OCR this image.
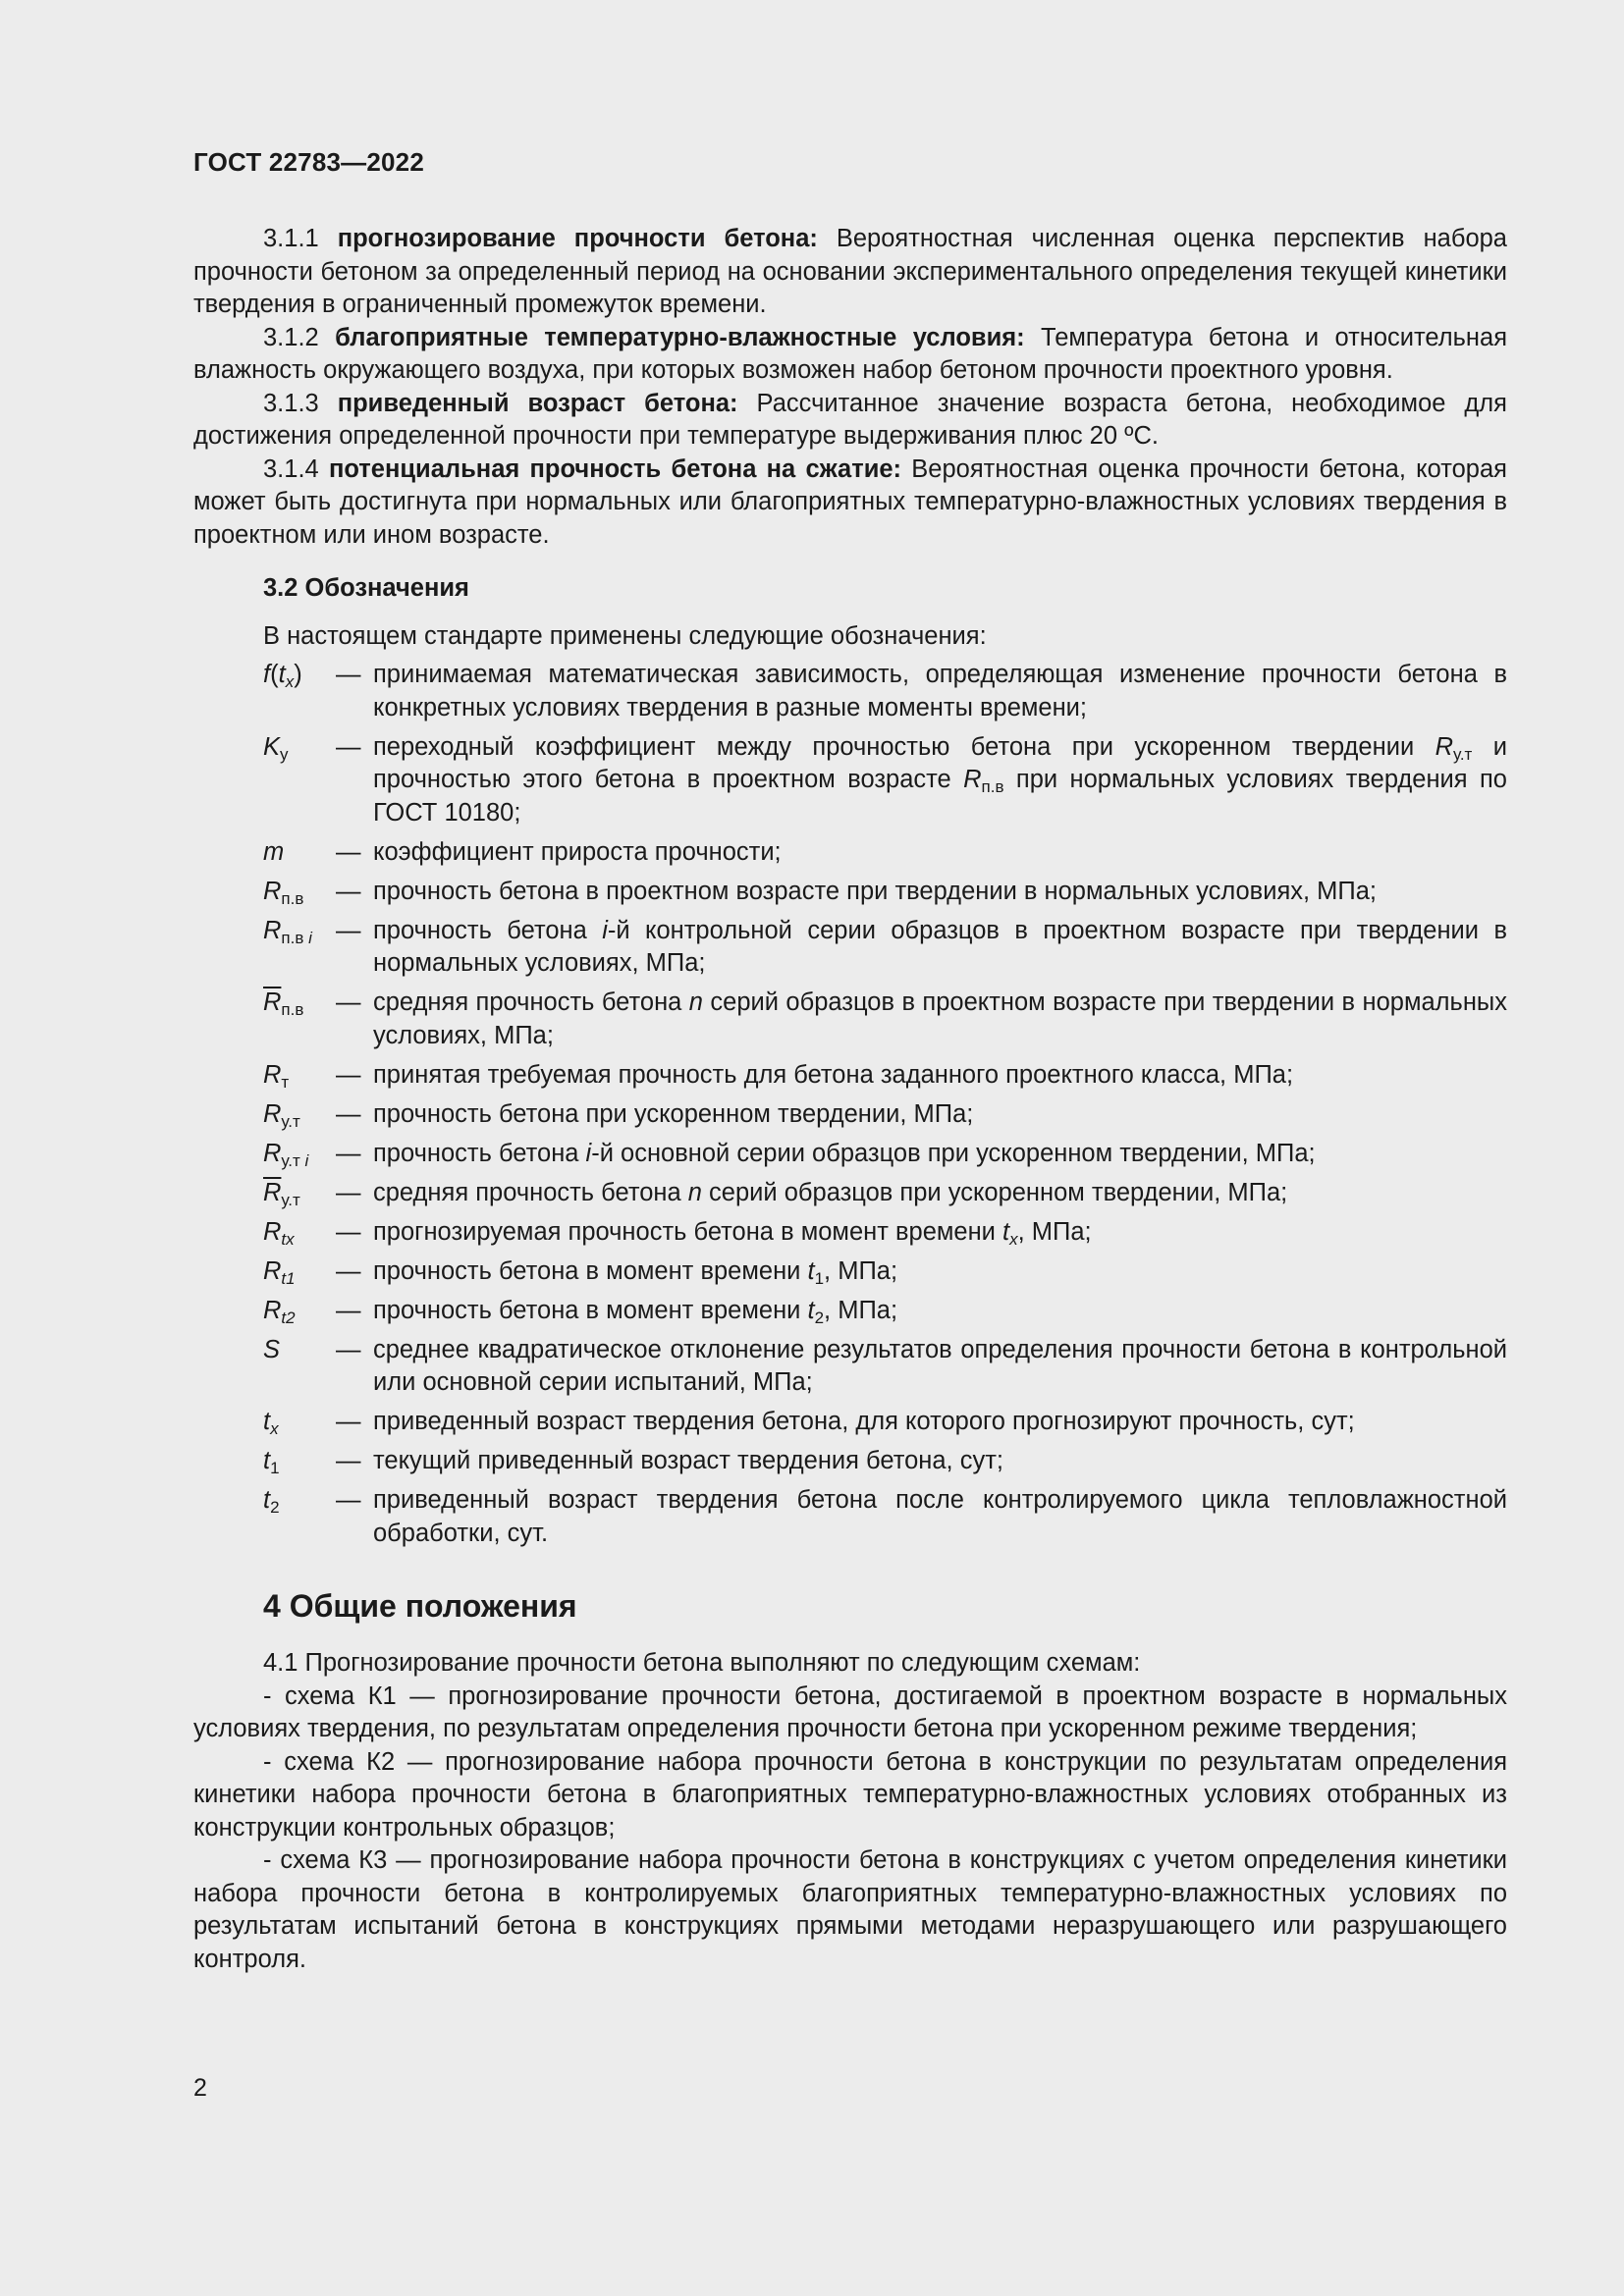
ГОСТ 22783—2022

3.1.1 прогнозирование прочности бетона: Вероятностная численная оценка перспектив набора прочности бетоном за определенный период на основании экспериментального определения текущей кинетики твердения в ограниченный промежуток времени.

3.1.2 благоприятные температурно-влажностные условия: Температура бетона и относительная влажность окружающего воздуха, при которых возможен набор бетоном прочности проектного уровня.

3.1.3 приведенный возраст бетона: Рассчитанное значение возраста бетона, необходимое для достижения определенной прочности при температуре выдерживания плюс 20 ºС.

3.1.4 потенциальная прочность бетона на сжатие: Вероятностная оценка прочности бетона, которая может быть достигнута при нормальных или благоприятных температурно-влажностных условиях твердения в проектном или ином возрасте.

3.2 Обозначения
В настоящем стандарте применены следующие обозначения:
$f(t_x)$	— принимаемая математическая зависимость, определяющая изменение прочности бетона в конкретных условиях твердения в разные моменты времени;
$K_у$	— переходный коэффициент между прочностью бетона при ускоренном твердении $R_{у.т}$ и прочностью этого бетона в проектном возрасте $R_{п.в}$ при нормальных условиях твердения по ГОСТ 10180;
m	— коэффициент прироста прочности;
$R_{п.в}$	— прочность бетона в проектном возрасте при твердении в нормальных условиях, МПа;
$R_{п.в i}$ — прочность бетона i-й контрольной серии образцов в проектном возрасте при твердении в нормальных условиях, МПа;
$\overline{R}_{п.в}$	— средняя прочность бетона n серий образцов в проектном возрасте при твердении в нормальных условиях, МПа;
$R_т$	— принятая требуемая прочность для бетона заданного проектного класса, МПа;
$R_{у.т}$	— прочность бетона при ускоренном твердении, МПа;
$R_{у.т i}$	— прочность бетона i-й основной серии образцов при ускоренном твердении, МПа;
$\overline{R}_{у.т}$	— средняя прочность бетона n серий образцов при ускоренном твердении, МПа;
$R_{tx}$	— прогнозируемая прочность бетона в момент времени $t_x$, МПа;
$R_{t1}$	— прочность бетона в момент времени $t_1$, МПа;
$R_{t2}$	— прочность бетона в момент времени $t_2$, МПа;
S	— среднее квадратическое отклонение результатов определения прочности бетона в контрольной или основной серии испытаний, МПа;
$t_x$	— приведенный возраст твердения бетона, для которого прогнозируют прочность, сут;
$t_1$	— текущий приведенный возраст твердения бетона, сут;
$t_2$	— приведенный возраст твердения бетона после контролируемого цикла тепловлажностной обработки, сут.
4 Общие положения

4.1 Прогнозирование прочности бетона выполняют по следующим схемам:

- схема К1 — прогнозирование прочности бетона, достигаемой в проектном возрасте в нормальных условиях твердения, по результатам определения прочности бетона при ускоренном режиме твердения;

- схема К2 — прогнозирование набора прочности бетона в конструкции по результатам определения кинетики набора прочности бетона в благоприятных температурно-влажностных условиях отобранных из конструкции контрольных образцов;

- схема К3 — прогнозирование набора прочности бетона в конструкциях с учетом определения кинетики набора прочности бетона в контролируемых благоприятных температурно-влажностных условиях по результатам испытаний бетона в конструкциях прямыми методами неразрушающего или разрушающего контроля.

2
